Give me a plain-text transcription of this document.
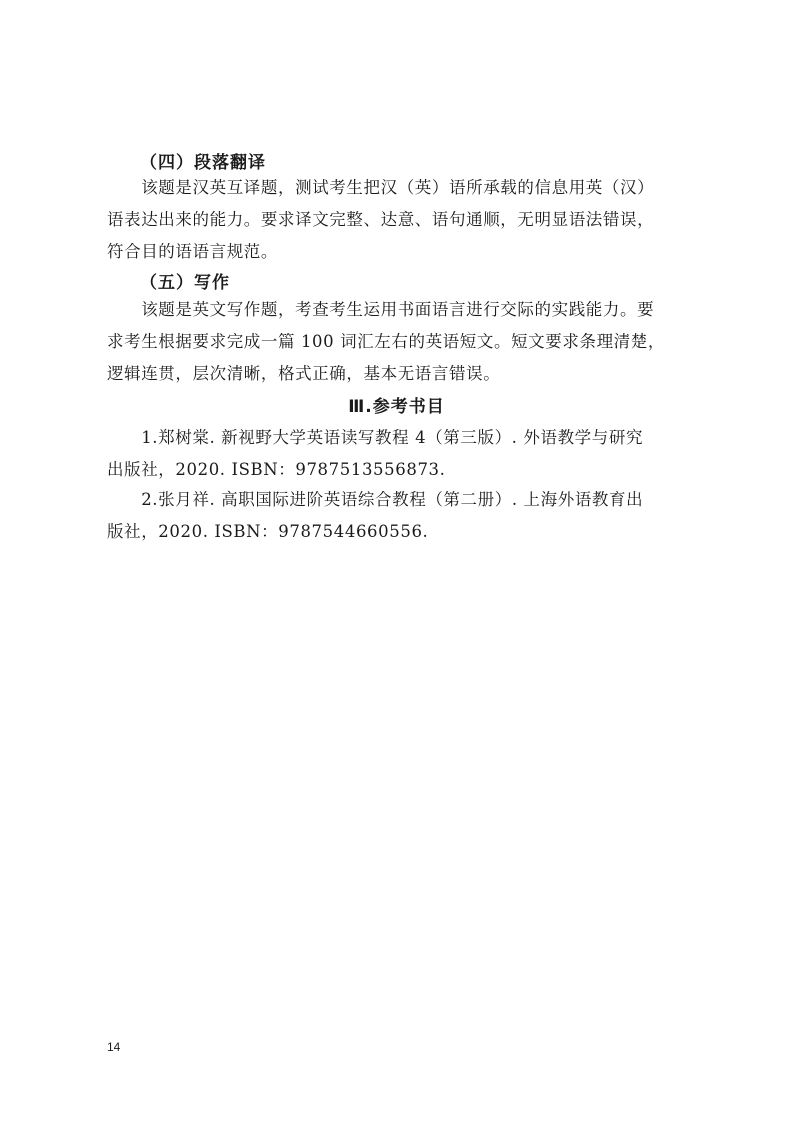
（四）段落翻译
　　该题是汉英互译题，测试考生把汉（英）语所承载的信息用英（汉）
语表达出来的能力。要求译文完整、达意、语句通顺，无明显语法错误，
符合目的语语言规范。
（五）写作
　　该题是英文写作题，考查考生运用书面语言进行交际的实践能力。要
求考生根据要求完成一篇 100 词汇左右的英语短文。短文要求条理清楚，
逻辑连贯，层次清晰，格式正确，基本无语言错误。
Ⅲ.参考书目
　　1.郑树棠. 新视野大学英语读写教程 4（第三版）. 外语教学与研究
出版社，2020. ISBN：9787513556873.
　　2.张月祥. 高职国际进阶英语综合教程（第二册）. 上海外语教育出
版社，2020. ISBN：9787544660556.
14
